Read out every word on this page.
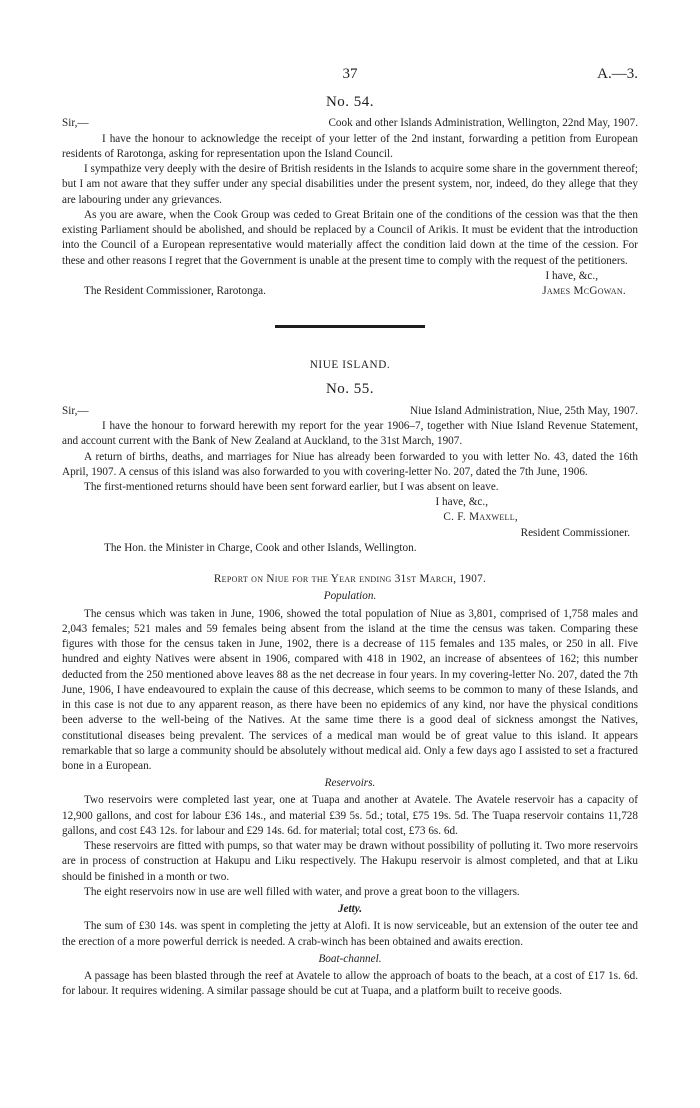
37	A.—3.
No. 54.
Sir,—	Cook and other Islands Administration, Wellington, 22nd May, 1907.

I have the honour to acknowledge the receipt of your letter of the 2nd instant, forwarding a petition from European residents of Rarotonga, asking for representation upon the Island Council.

I sympathize very deeply with the desire of British residents in the Islands to acquire some share in the government thereof; but I am not aware that they suffer under any special disabilities under the present system, nor, indeed, do they allege that they are labouring under any grievances.

As you are aware, when the Cook Group was ceded to Great Britain one of the conditions of the cession was that the then existing Parliament should be abolished, and should be replaced by a Council of Arikis. It must be evident that the introduction into the Council of a European representative would materially affect the condition laid down at the time of the cession. For these and other reasons I regret that the Government is unable at the present time to comply with the request of the petitioners.

I have, &c.,
The Resident Commissioner, Rarotonga.	James McGowan.
NIUE ISLAND.
No. 55.
Sir,—	Niue Island Administration, Niue, 25th May, 1907.

I have the honour to forward herewith my report for the year 1906–7, together with Niue Island Revenue Statement, and account current with the Bank of New Zealand at Auckland, to the 31st March, 1907.

A return of births, deaths, and marriages for Niue has already been forwarded to you with letter No. 43, dated the 16th April, 1907. A census of this island was also forwarded to you with covering-letter No. 207, dated the 7th June, 1906.

The first-mentioned returns should have been sent forward earlier, but I was absent on leave.

I have, &c.,
C. F. Maxwell,
Resident Commissioner.
The Hon. the Minister in Charge, Cook and other Islands, Wellington.
Report on Niue for the Year ending 31st March, 1907.
Population.

The census which was taken in June, 1906, showed the total population of Niue as 3,801, comprised of 1,758 males and 2,043 females; 521 males and 59 females being absent from the island at the time the census was taken. Comparing these figures with those for the census taken in June, 1902, there is a decrease of 115 females and 135 males, or 250 in all. Five hundred and eighty Natives were absent in 1906, compared with 418 in 1902, an increase of absentees of 162; this number deducted from the 250 mentioned above leaves 88 as the net decrease in four years. In my covering-letter No. 207, dated the 7th June, 1906, I have endeavoured to explain the cause of this decrease, which seems to be common to many of these Islands, and in this case is not due to any apparent reason, as there have been no epidemics of any kind, nor have the physical conditions been adverse to the well-being of the Natives. At the same time there is a good deal of sickness amongst the Natives, constitutional diseases being prevalent. The services of a medical man would be of great value to this island. It appears remarkable that so large a community should be absolutely without medical aid. Only a few days ago I assisted to set a fractured bone in a European.

Reservoirs.

Two reservoirs were completed last year, one at Tuapa and another at Avatele. The Avatele reservoir has a capacity of 12,900 gallons, and cost for labour £36 14s., and material £39 5s. 5d.; total, £75 19s. 5d. The Tuapa reservoir contains 11,728 gallons, and cost £43 12s. for labour and £29 14s. 6d. for material; total cost, £73 6s. 6d.

These reservoirs are fitted with pumps, so that water may be drawn without possibility of polluting it. Two more reservoirs are in process of construction at Hakupu and Liku respectively. The Hakupu reservoir is almost completed, and that at Liku should be finished in a month or two.

The eight reservoirs now in use are well filled with water, and prove a great boon to the villagers.

Jetty.

The sum of £30 14s. was spent in completing the jetty at Alofi. It is now serviceable, but an extension of the outer tee and the erection of a more powerful derrick is needed. A crab-winch has been obtained and awaits erection.

Boat-channel.

A passage has been blasted through the reef at Avatele to allow the approach of boats to the beach, at a cost of £17 1s. 6d. for labour. It requires widening. A similar passage should be cut at Tuapa, and a platform built to receive goods.
